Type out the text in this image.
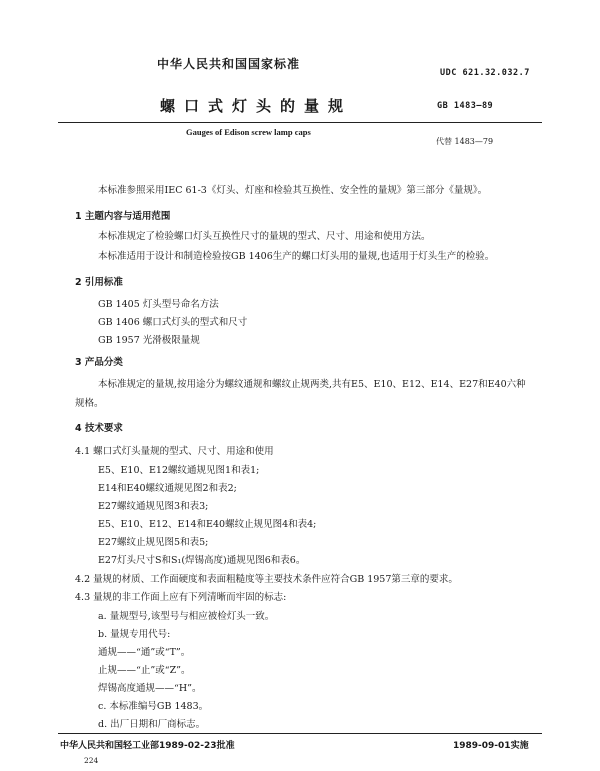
中华人民共和国国家标准
UDC 621.32.032.7
螺口式灯头的量规	GB 1483—89
Gauges of Edison screw lamp caps
代替 1483—79
本标准参照采用IEC 61-3《灯头、灯座和检验其互换性、安全性的量规》第三部分《量规》。
1 主题内容与适用范围
本标准规定了检验螺口灯头互换性尺寸的量规的型式、尺寸、用途和使用方法。
本标准适用于设计和制造检验按GB 1406生产的螺口灯头用的量规,也适用于灯头生产的检验。
2 引用标准
GB 1405 灯头型号命名方法
GB 1406 螺口式灯头的型式和尺寸
GB 1957 光滑极限量规
3 产品分类
本标准规定的量规,按用途分为螺纹通规和螺纹止规两类,共有E5、E10、E12、E14、E27和E40六种
规格。
4 技术要求
4.1 螺口式灯头量规的型式、尺寸、用途和使用
E5、E10、E12螺纹通规见图1和表1;
E14和E40螺纹通规见图2和表2;
E27螺纹通规见图3和表3;
E5、E10、E12、E14和E40螺纹止规见图4和表4;
E27螺纹止规见图5和表5;
E27灯头尺寸S和S₁(焊锡高度)通规见图6和表6。
4.2 量规的材质、工作面硬度和表面粗糙度等主要技术条件应符合GB 1957第三章的要求。
4.3 量规的非工作面上应有下列清晰而牢固的标志:
a. 量规型号,该型号与相应被检灯头一致。
b. 量规专用代号:
通规——“通”或“T”。
止规——“止”或“Z”。
焊锡高度通规——“H”。
c. 本标准编号GB 1483。
d. 出厂日期和厂商标志。
中华人民共和国轻工业部1989-02-23批准	1989-09-01实施
224
